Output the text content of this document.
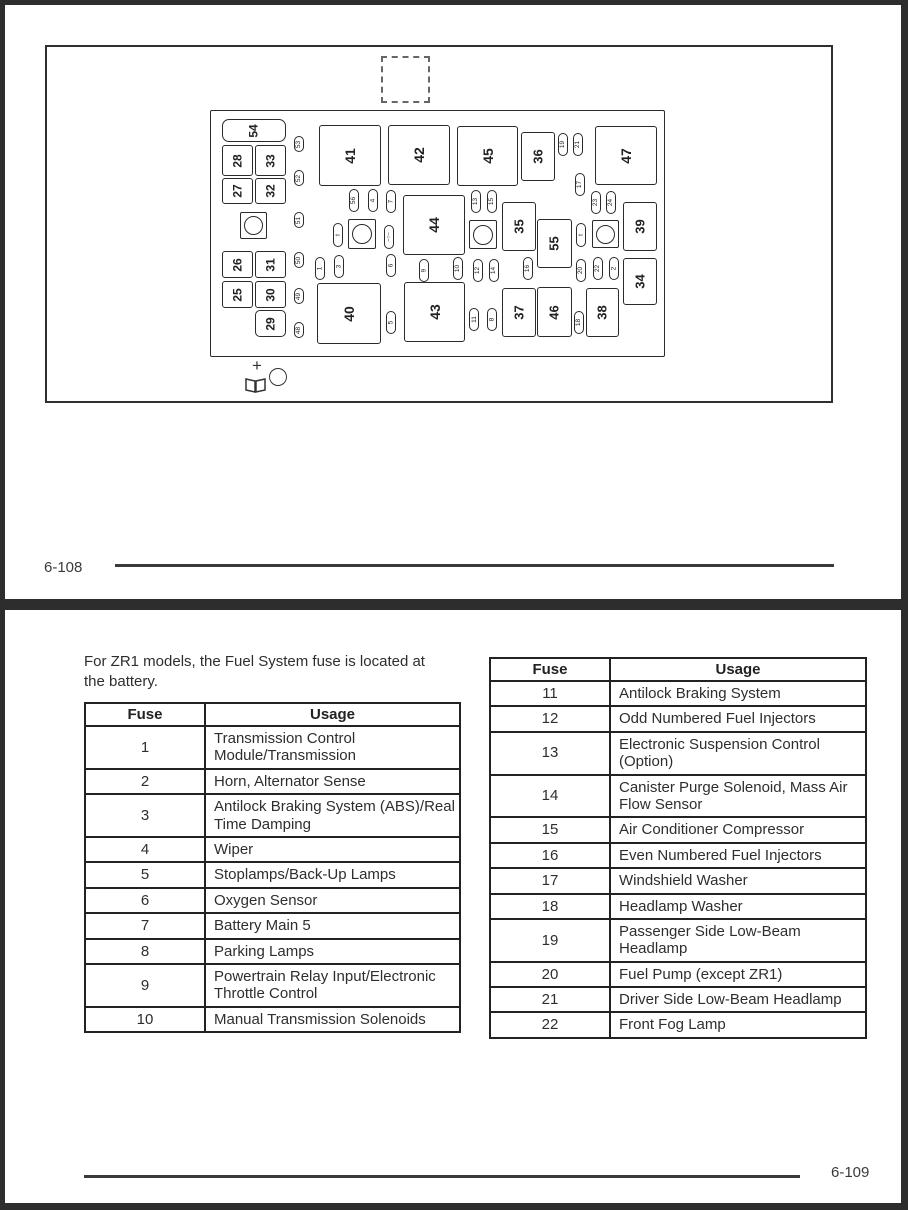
54
28 33
27 32
26 31
25 30
29
41	42	45	36	47
44	35
55
39
34
40	43	37 46	38
53
52
51
50
49
48
56 4 7	13 15
19 21
17
23 24
1
3	6
9	10 12 14	16	20 22 2
5	11 8	18
⇧	−○−	⇧
+
6-108

For ZR1 models, the Fuel System fuse is located at the battery.

Fuse	Usage
1	Transmission Control Module/Transmission
2	Horn, Alternator Sense
3	Antilock Braking System (ABS)/Real Time Damping
4	Wiper
5	Stoplamps/Back-Up Lamps
6	Oxygen Sensor
7	Battery Main 5
8	Parking Lamps
9	Powertrain Relay Input/Electronic Throttle Control
10	Manual Transmission Solenoids
Fuse	Usage
11	Antilock Braking System
12	Odd Numbered Fuel Injectors
13	Electronic Suspension Control (Option)
14	Canister Purge Solenoid, Mass Air Flow Sensor
15	Air Conditioner Compressor
16	Even Numbered Fuel Injectors
17	Windshield Washer
18	Headlamp Washer
19	Passenger Side Low-Beam Headlamp
20	Fuel Pump (except ZR1)
21	Driver Side Low-Beam Headlamp
22	Front Fog Lamp
6-109
